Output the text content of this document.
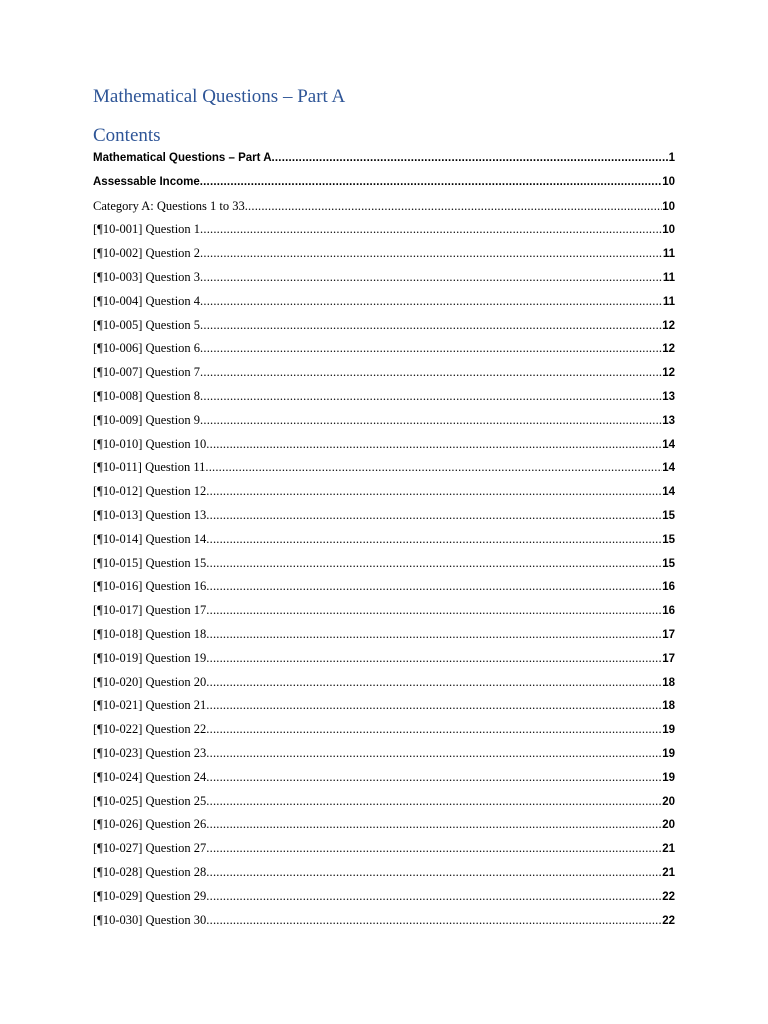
Mathematical Questions – Part A
Contents
Mathematical Questions – Part A .....	1
Assessable Income .....	10
Category A: Questions 1 to 33 .....	10
[¶10-001] Question 1 .....	10
[¶10-002] Question 2 .....	11
[¶10-003] Question 3 .....	11
[¶10-004] Question 4 .....	11
[¶10-005] Question 5 .....	12
[¶10-006] Question 6 .....	12
[¶10-007] Question 7 .....	12
[¶10-008] Question 8 .....	13
[¶10-009] Question 9 .....	13
[¶10-010] Question 10 .....	14
[¶10-011] Question 11 .....	14
[¶10-012] Question 12 .....	14
[¶10-013] Question 13 .....	15
[¶10-014] Question 14 .....	15
[¶10-015] Question 15 .....	15
[¶10-016] Question 16 .....	16
[¶10-017] Question 17 .....	16
[¶10-018] Question 18 .....	17
[¶10-019] Question 19 .....	17
[¶10-020] Question 20 .....	18
[¶10-021] Question 21 .....	18
[¶10-022] Question 22 .....	19
[¶10-023] Question 23 .....	19
[¶10-024] Question 24 .....	19
[¶10-025] Question 25 .....	20
[¶10-026] Question 26 .....	20
[¶10-027] Question 27 .....	21
[¶10-028] Question 28 .....	21
[¶10-029] Question 29 .....	22
[¶10-030] Question 30 .....	22
